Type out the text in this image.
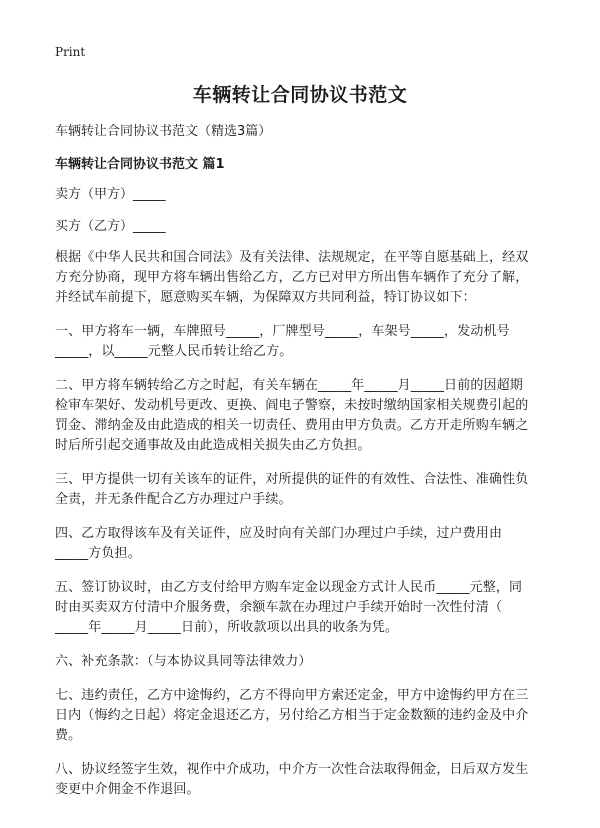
Print
车辆转让合同协议书范文

车辆转让合同协议书范文（精选3篇）

车辆转让合同协议书范文 篇1

卖方（甲方）_____

买方（乙方）_____

根据《中华人民共和国合同法》及有关法律、法规规定，在平等自愿基础上，经双
方充分协商，现甲方将车辆出售给乙方，乙方已对甲方所出售车辆作了充分了解，
并经试车前提下，愿意购买车辆，为保障双方共同利益，特订协议如下：

一、甲方将车一辆，车牌照号_____，厂牌型号_____，车架号_____，发动机号
_____，以_____元整人民币转让给乙方。

二、甲方将车辆转给乙方之时起，有关车辆在_____年_____月_____日前的因超期
检审车架好、发动机号更改、更换、阎电子警察，未按时缴纳国家相关规费引起的
罚金、滞纳金及由此造成的相关一切责任、费用由甲方负责。乙方开走所购车辆之
时后所引起交通事故及由此造成相关损失由乙方负担。

三、甲方提供一切有关该车的证件，对所提供的证件的有效性、合法性、准确性负
全责，并无条件配合乙方办理过户手续。

四、乙方取得该车及有关证件，应及时向有关部门办理过户手续，过户费用由
_____方负担。

五、签订协议时，由乙方支付给甲方购车定金以现金方式计人民币_____元整，同
时由买卖双方付清中介服务费，余额车款在办理过户手续开始时一次性付清（
_____年_____月_____日前），所收款项以出具的收条为凭。

六、补充条款：（与本协议具同等法律效力）

七、违约责任，乙方中途悔约，乙方不得向甲方索还定金，甲方中途悔约甲方在三
日内（悔约之日起）将定金退还乙方，另付给乙方相当于定金数额的违约金及中介
费。

八、协议经签字生效，视作中介成功，中介方一次性合法取得佣金，日后双方发生
变更中介佣金不作退回。
